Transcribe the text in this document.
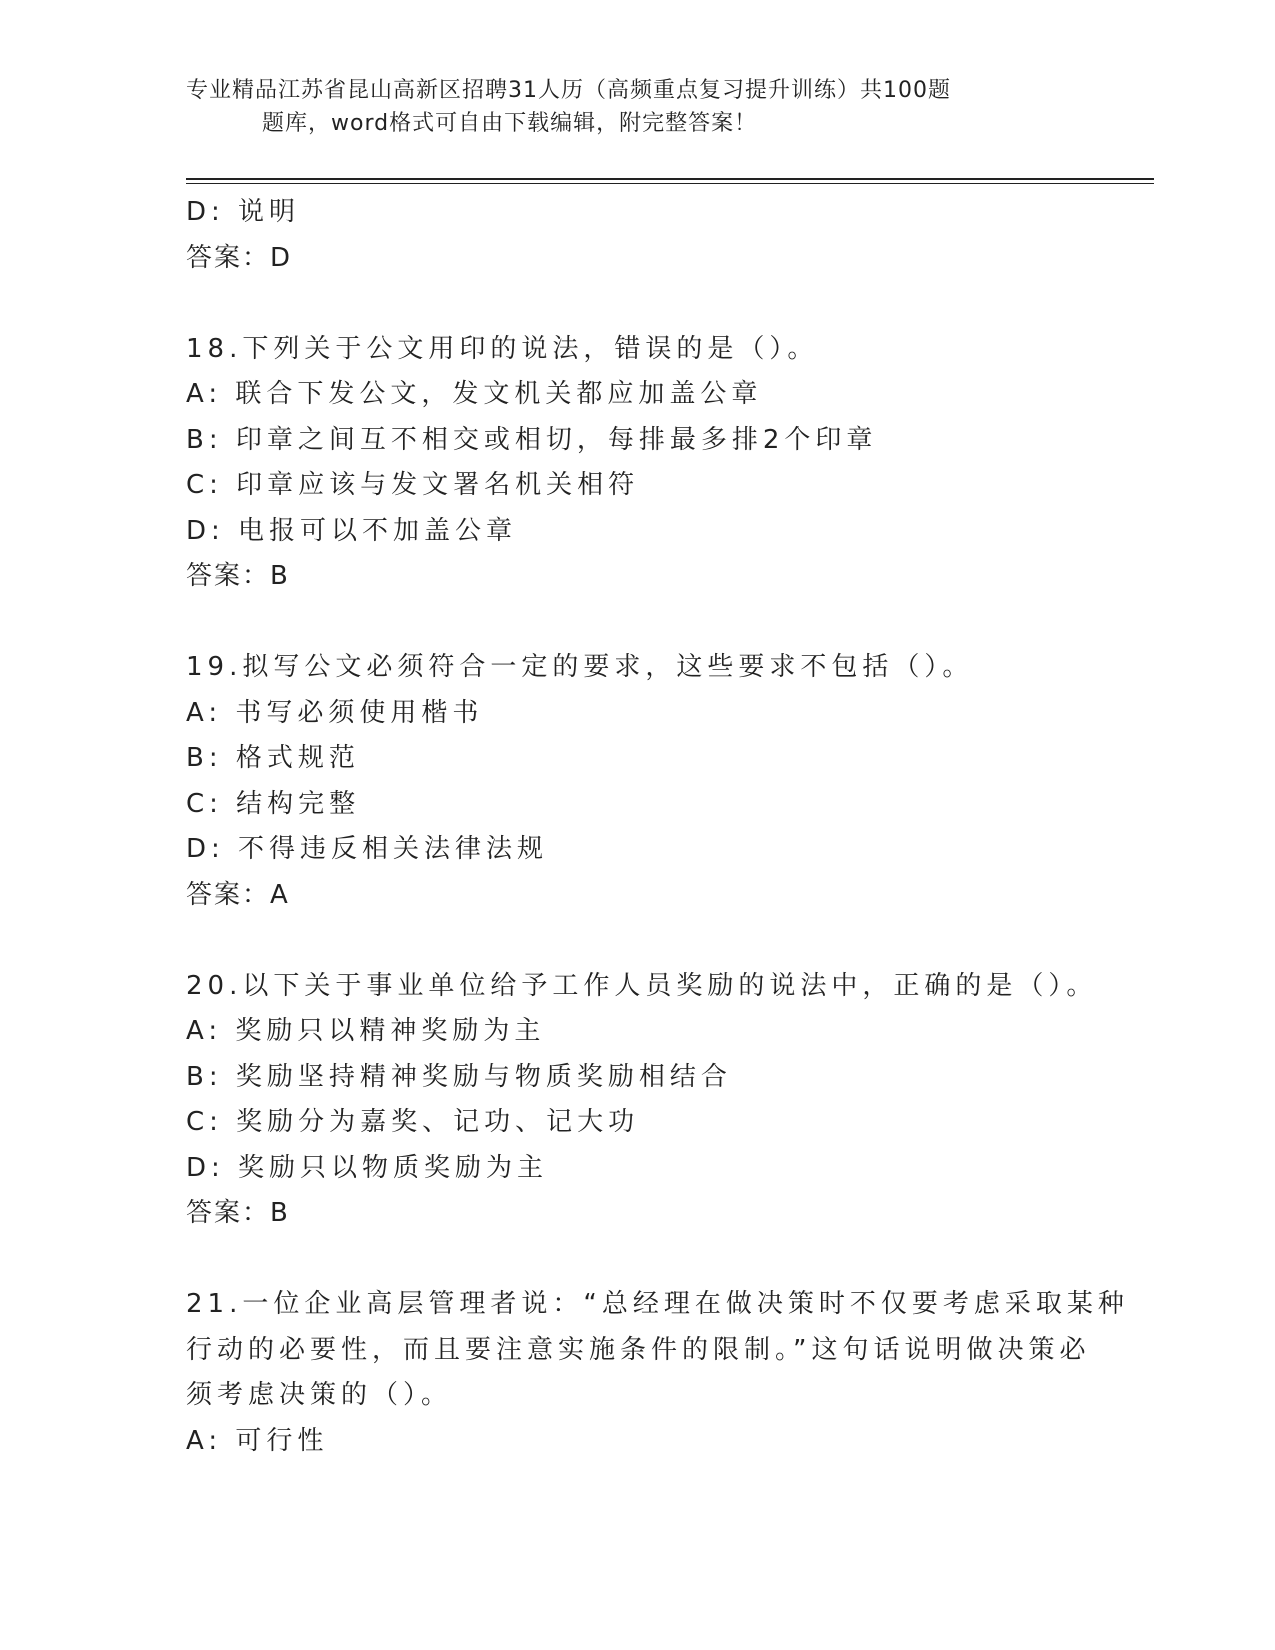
专业精品江苏省昆山高新区招聘31人历（高频重点复习提升训练）共100题
题库，word格式可自由下载编辑，附完整答案！
D: 说明
答案：D
18.下列关于公文用印的说法，错误的是（）。
A: 联合下发公文，发文机关都应加盖公章
B: 印章之间互不相交或相切，每排最多排2个印章
C: 印章应该与发文署名机关相符
D: 电报可以不加盖公章
答案：B
19.拟写公文必须符合一定的要求，这些要求不包括（）。
A: 书写必须使用楷书
B: 格式规范
C: 结构完整
D: 不得违反相关法律法规
答案：A
20.以下关于事业单位给予工作人员奖励的说法中，正确的是（）。
A: 奖励只以精神奖励为主
B: 奖励坚持精神奖励与物质奖励相结合
C: 奖励分为嘉奖、记功、记大功
D: 奖励只以物质奖励为主
答案：B
21.一位企业高层管理者说：“总经理在做决策时不仅要考虑采取某种
行动的必要性，而且要注意实施条件的限制。”这句话说明做决策必
须考虑决策的（）。
A: 可行性
